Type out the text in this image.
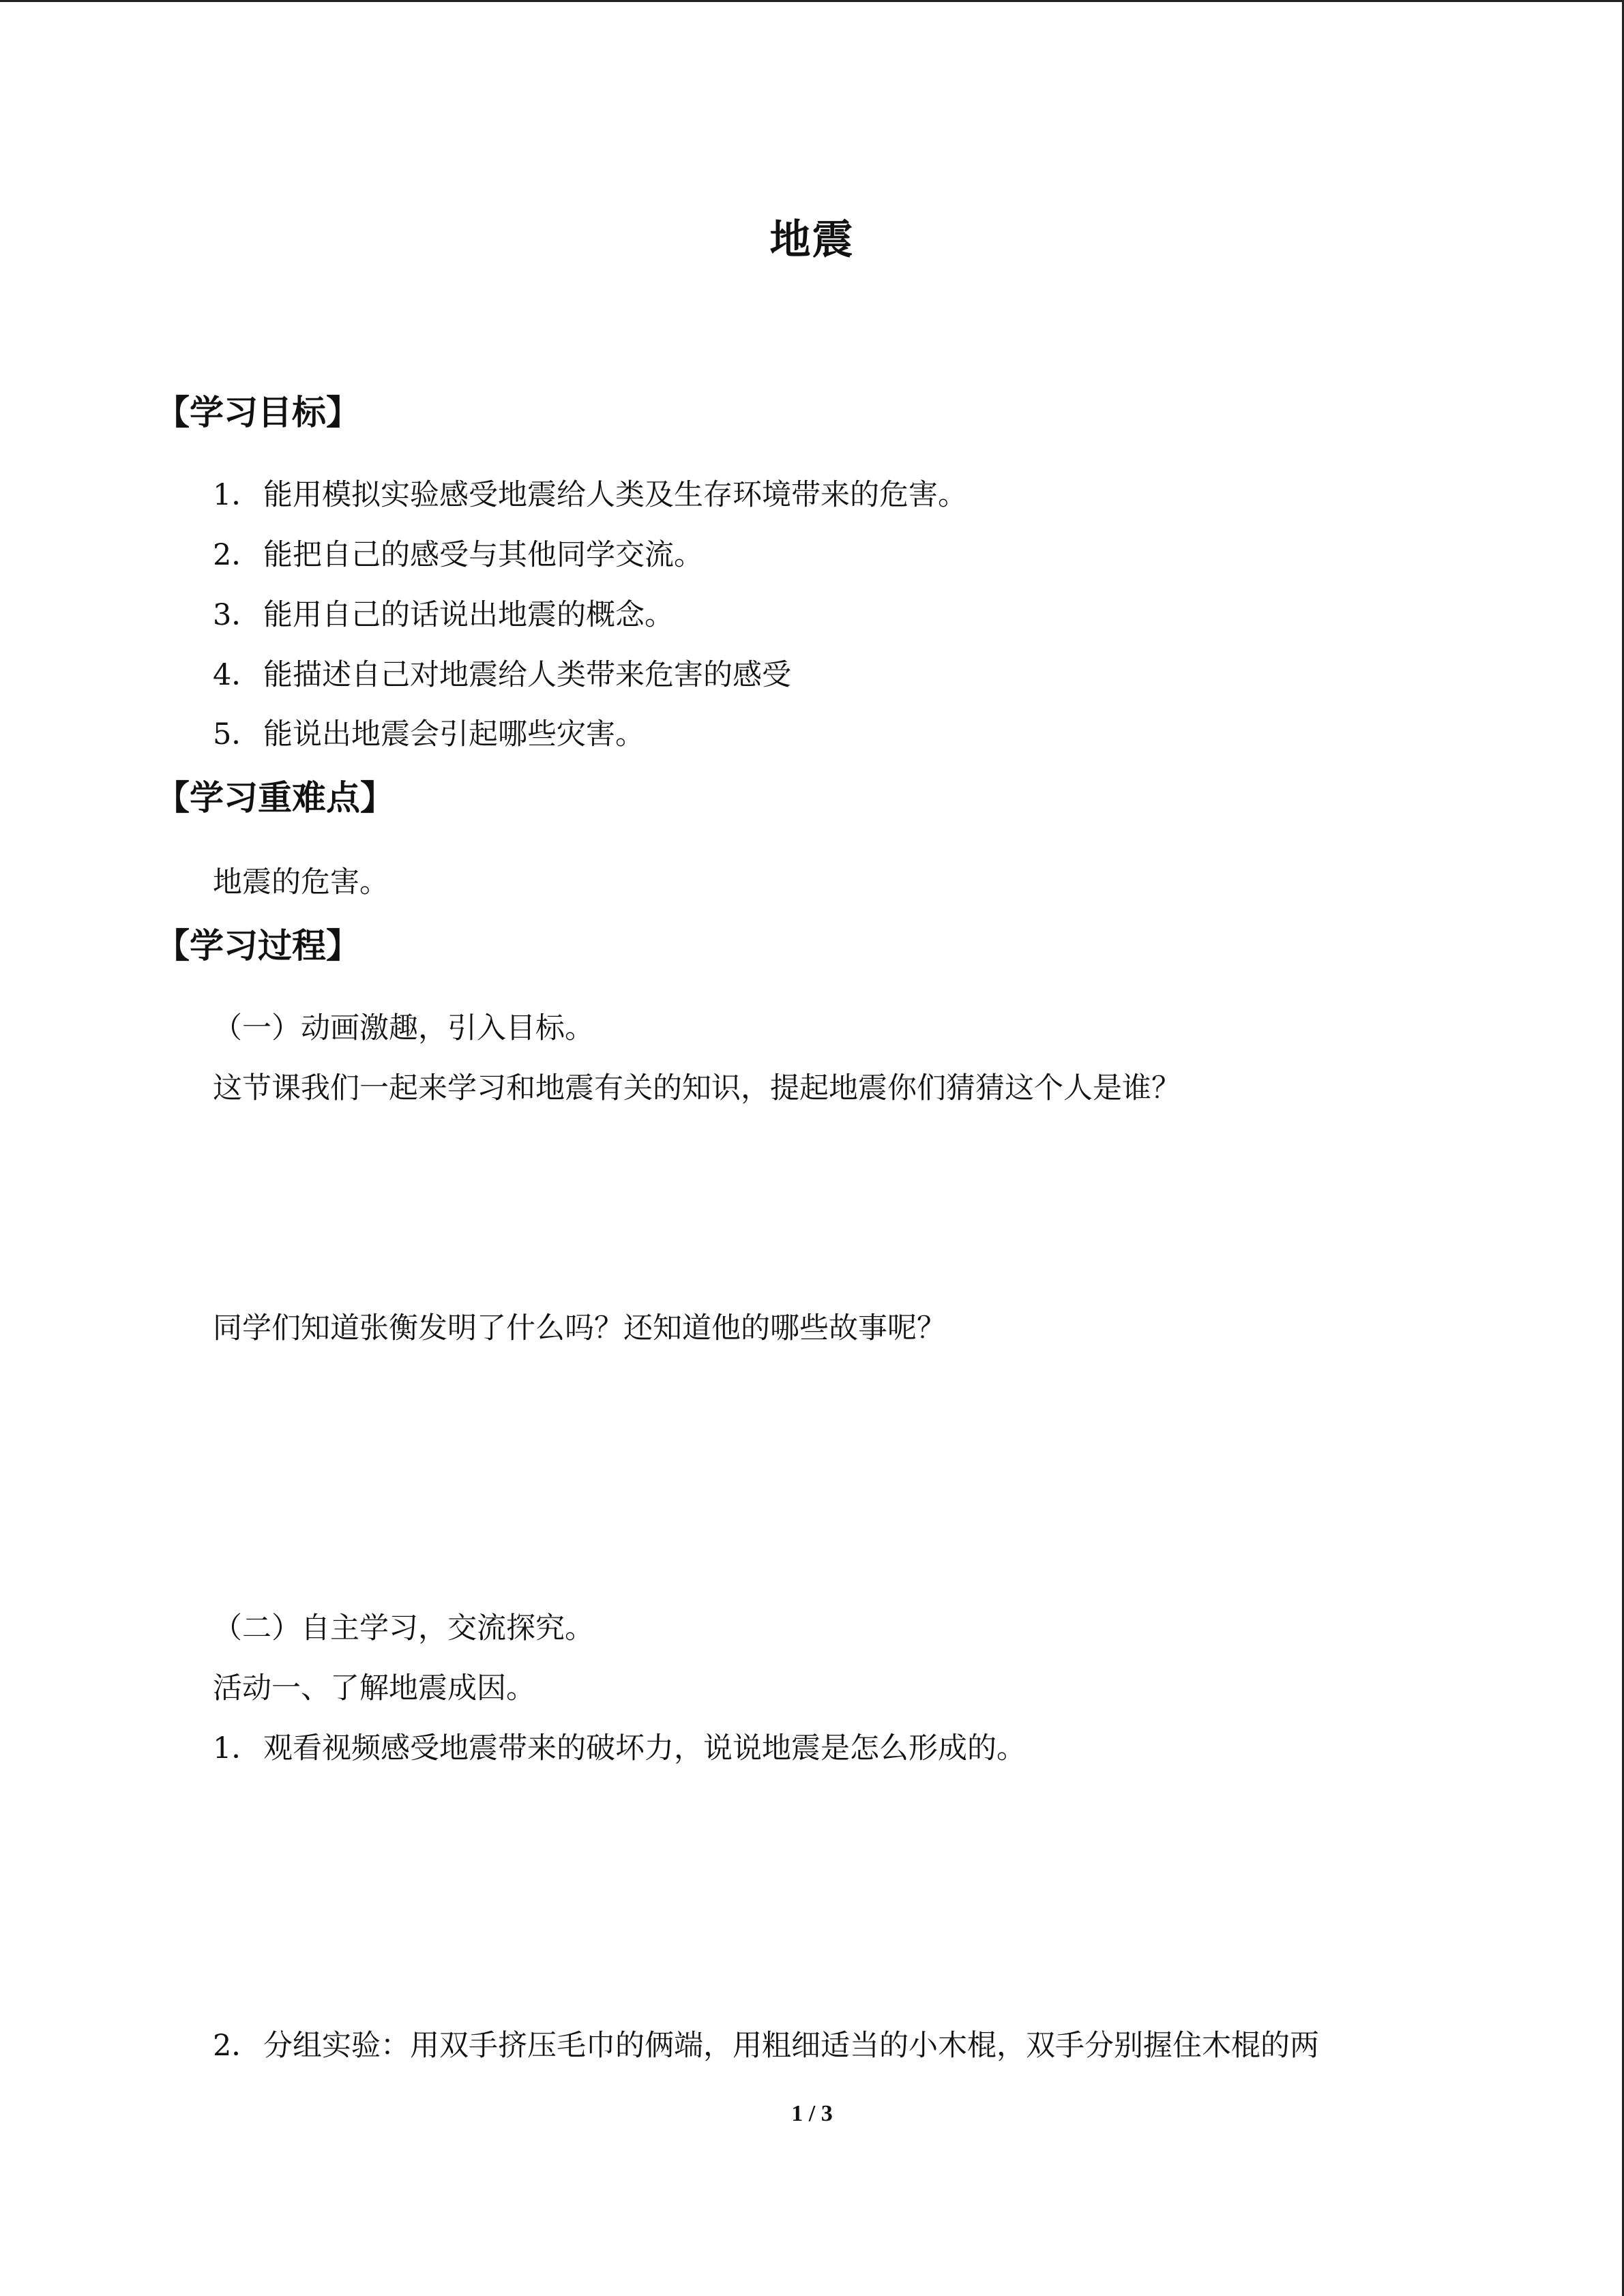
地震
【学习目标】
1．能用模拟实验感受地震给人类及生存环境带来的危害。
2．能把自己的感受与其他同学交流。
3．能用自己的话说出地震的概念。
4．能描述自己对地震给人类带来危害的感受
5．能说出地震会引起哪些灾害。
【学习重难点】
地震的危害。
【学习过程】
（一）动画激趣，引入目标。
这节课我们一起来学习和地震有关的知识，提起地震你们猜猜这个人是谁？
同学们知道张衡发明了什么吗？还知道他的哪些故事呢？
（二）自主学习，交流探究。
活动一、了解地震成因。
1．观看视频感受地震带来的破坏力，说说地震是怎么形成的。
2．分组实验：用双手挤压毛巾的俩端，用粗细适当的小木棍，双手分别握住木棍的两
1 / 3
